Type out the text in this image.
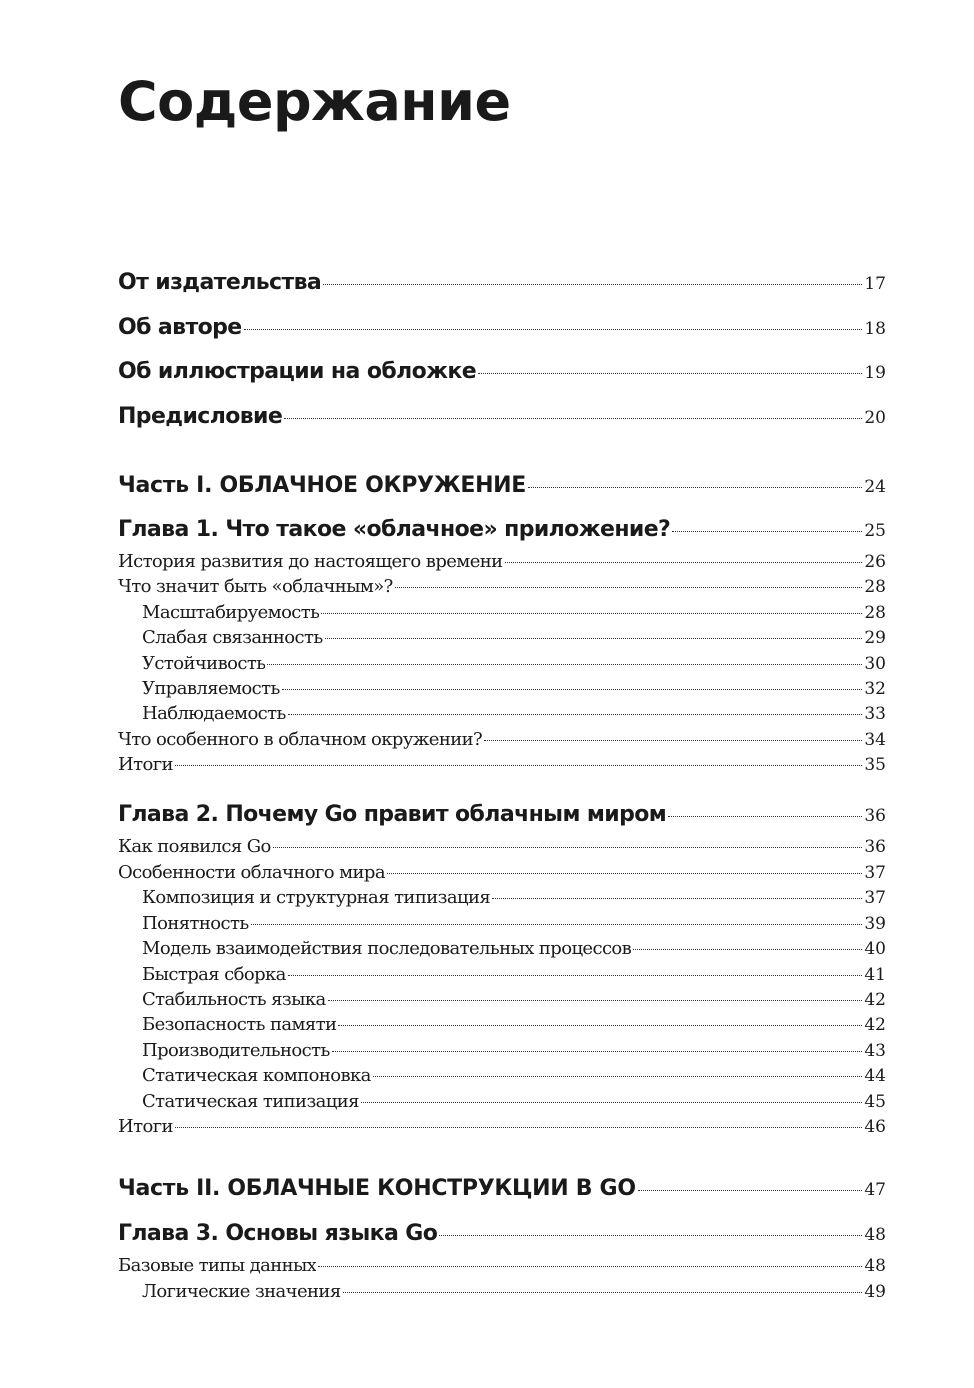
Содержание
От издательства	17
Об авторе	18
Об иллюстрации на обложке	19
Предисловие	20
Часть I. ОБЛАЧНОЕ ОКРУЖЕНИЕ	24
Глава 1. Что такое «облачное» приложение?	25
История развития до настоящего времени	26
Что значит быть «облачным»?	28
Масштабируемость	28
Слабая связанность	29
Устойчивость	30
Управляемость	32
Наблюдаемость	33
Что особенного в облачном окружении?	34
Итоги	35
Глава 2. Почему Go правит облачным миром	36
Как появился Go	36
Особенности облачного мира	37
Композиция и структурная типизация	37
Понятность	39
Модель взаимодействия последовательных процессов	40
Быстрая сборка	41
Стабильность языка	42
Безопасность памяти	42
Производительность	43
Статическая компоновка	44
Статическая типизация	45
Итоги	46
Часть II. ОБЛАЧНЫЕ КОНСТРУКЦИИ В GO	47
Глава 3. Основы языка Go	48
Базовые типы данных	48
Логические значения	49
